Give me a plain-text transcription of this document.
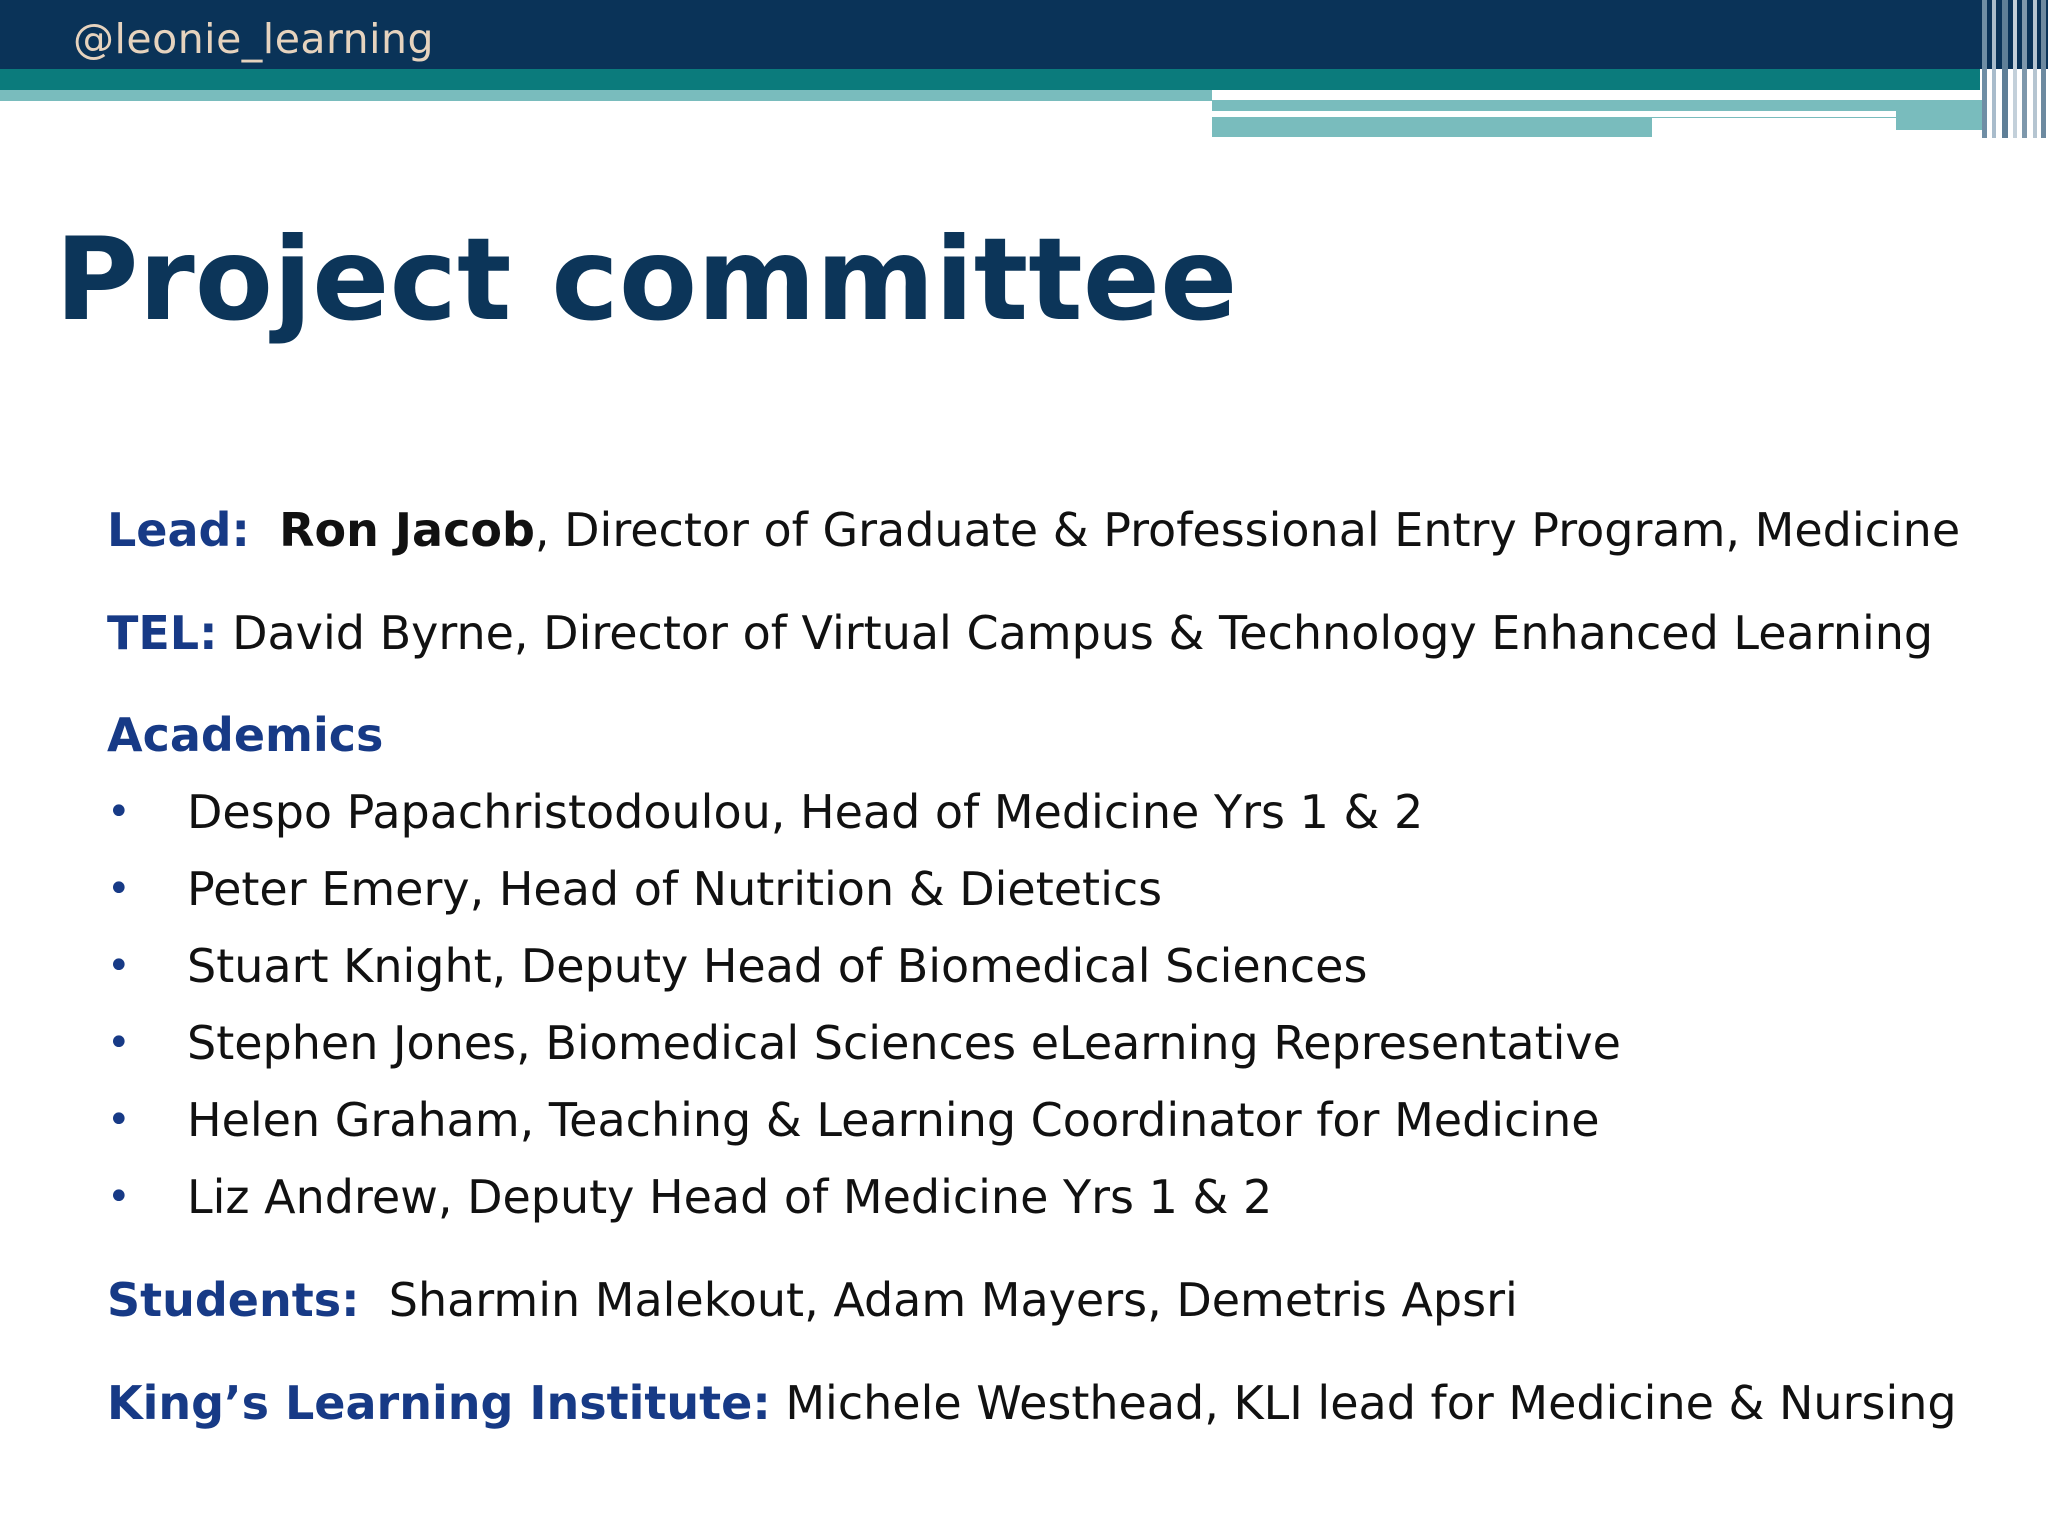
@leonie_learning
Project committee
Lead: Ron Jacob, Director of Graduate & Professional Entry Program, Medicine
TEL: David Byrne, Director of Virtual Campus & Technology Enhanced Learning
Academics
•	Despo Papachristodoulou, Head of Medicine Yrs 1 & 2
•	Peter Emery, Head of Nutrition & Dietetics
•	Stuart Knight, Deputy Head of Biomedical Sciences
•	Stephen Jones, Biomedical Sciences eLearning Representative
•	Helen Graham, Teaching & Learning Coordinator for Medicine
•	Liz Andrew, Deputy Head of Medicine Yrs 1 & 2
Students: Sharmin Malekout, Adam Mayers, Demetris Apsri
King’s Learning Institute: Michele Westhead, KLI lead for Medicine & Nursing
